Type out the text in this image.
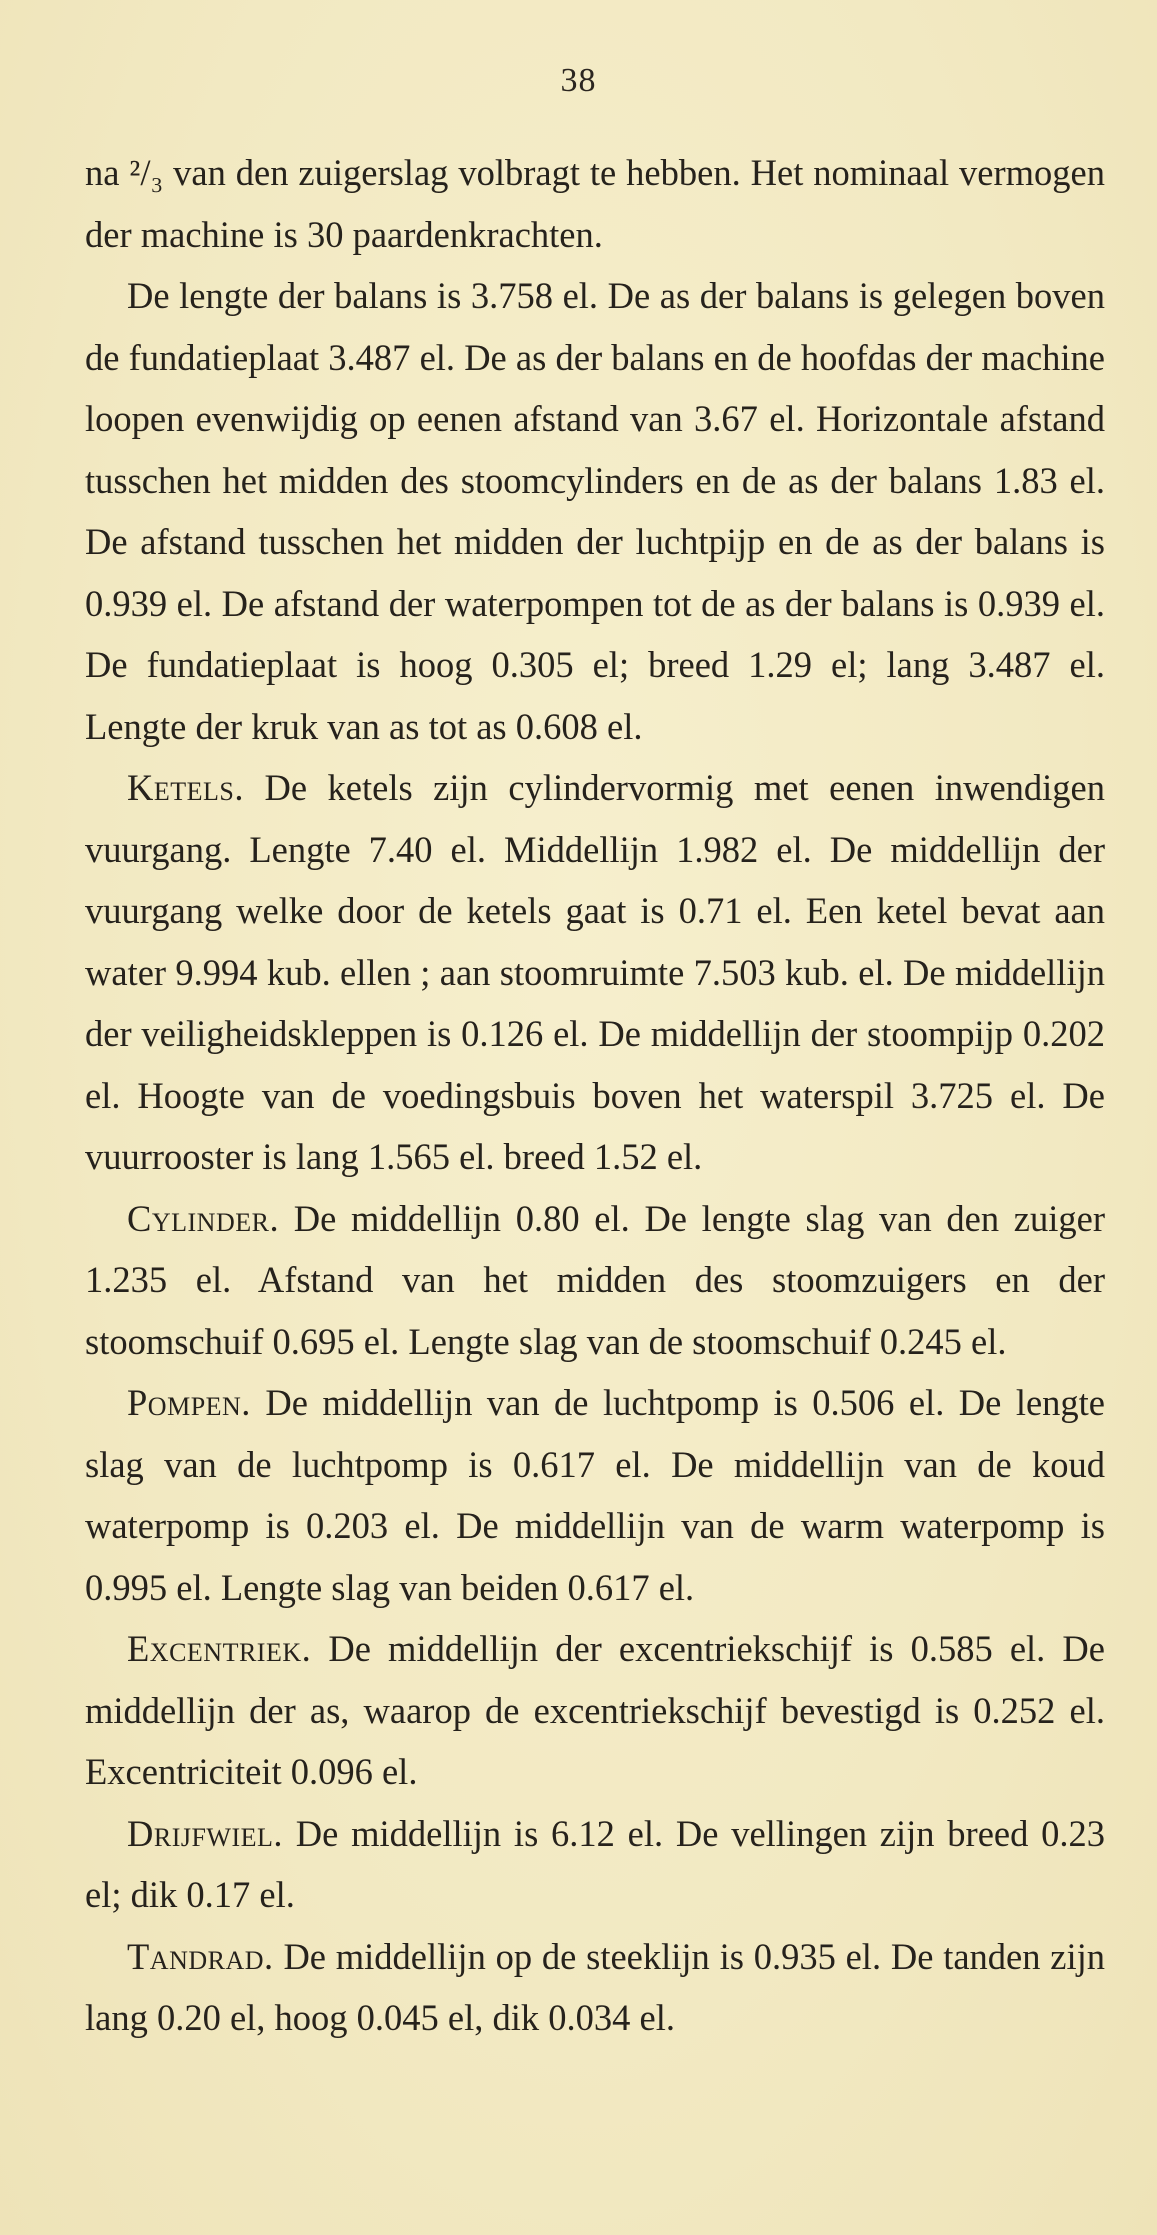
38

na ²/₃ van den zuigerslag volbragt te hebben. Het nominaal vermogen der machine is 30 paardenkrachten.

De lengte der balans is 3.758 el. De as der balans is gelegen boven de fundatieplaat 3.487 el. De as der balans en de hoofdas der machine loopen evenwijdig op eenen afstand van 3.67 el. Horizontale afstand tusschen het midden des stoomcylinders en de as der balans 1.83 el. De afstand tusschen het midden der luchtpijp en de as der balans is 0.939 el. De afstand der waterpompen tot de as der balans is 0.939 el. De fundatieplaat is hoog 0.305 el; breed 1.29 el; lang 3.487 el. Lengte der kruk van as tot as 0.608 el.

Ketels. De ketels zijn cylindervormig met eenen inwendigen vuurgang. Lengte 7.40 el. Middellijn 1.982 el. De middellijn der vuurgang welke door de ketels gaat is 0.71 el. Een ketel bevat aan water 9.994 kub. ellen ; aan stoomruimte 7.503 kub. el. De middellijn der veiligheidskleppen is 0.126 el. De middellijn der stoompijp 0.202 el. Hoogte van de voedingsbuis boven het waterspil 3.725 el. De vuurrooster is lang 1.565 el. breed 1.52 el.

Cylinder. De middellijn 0.80 el. De lengte slag van den zuiger 1.235 el. Afstand van het midden des stoomzuigers en der stoomschuif 0.695 el. Lengte slag van de stoomschuif 0.245 el.

Pompen. De middellijn van de luchtpomp is 0.506 el. De lengte slag van de luchtpomp is 0.617 el. De middellijn van de koud waterpomp is 0.203 el. De middellijn van de warm waterpomp is 0.995 el. Lengte slag van beiden 0.617 el.

Excentriek. De middellijn der excentriekschijf is 0.585 el. De middellijn der as, waarop de excentriekschijf bevestigd is 0.252 el. Excentriciteit 0.096 el.

Drijfwiel. De middellijn is 6.12 el. De vellingen zijn breed 0.23 el; dik 0.17 el.

Tandrad. De middellijn op de steeklijn is 0.935 el. De tanden zijn lang 0.20 el, hoog 0.045 el, dik 0.034 el.
